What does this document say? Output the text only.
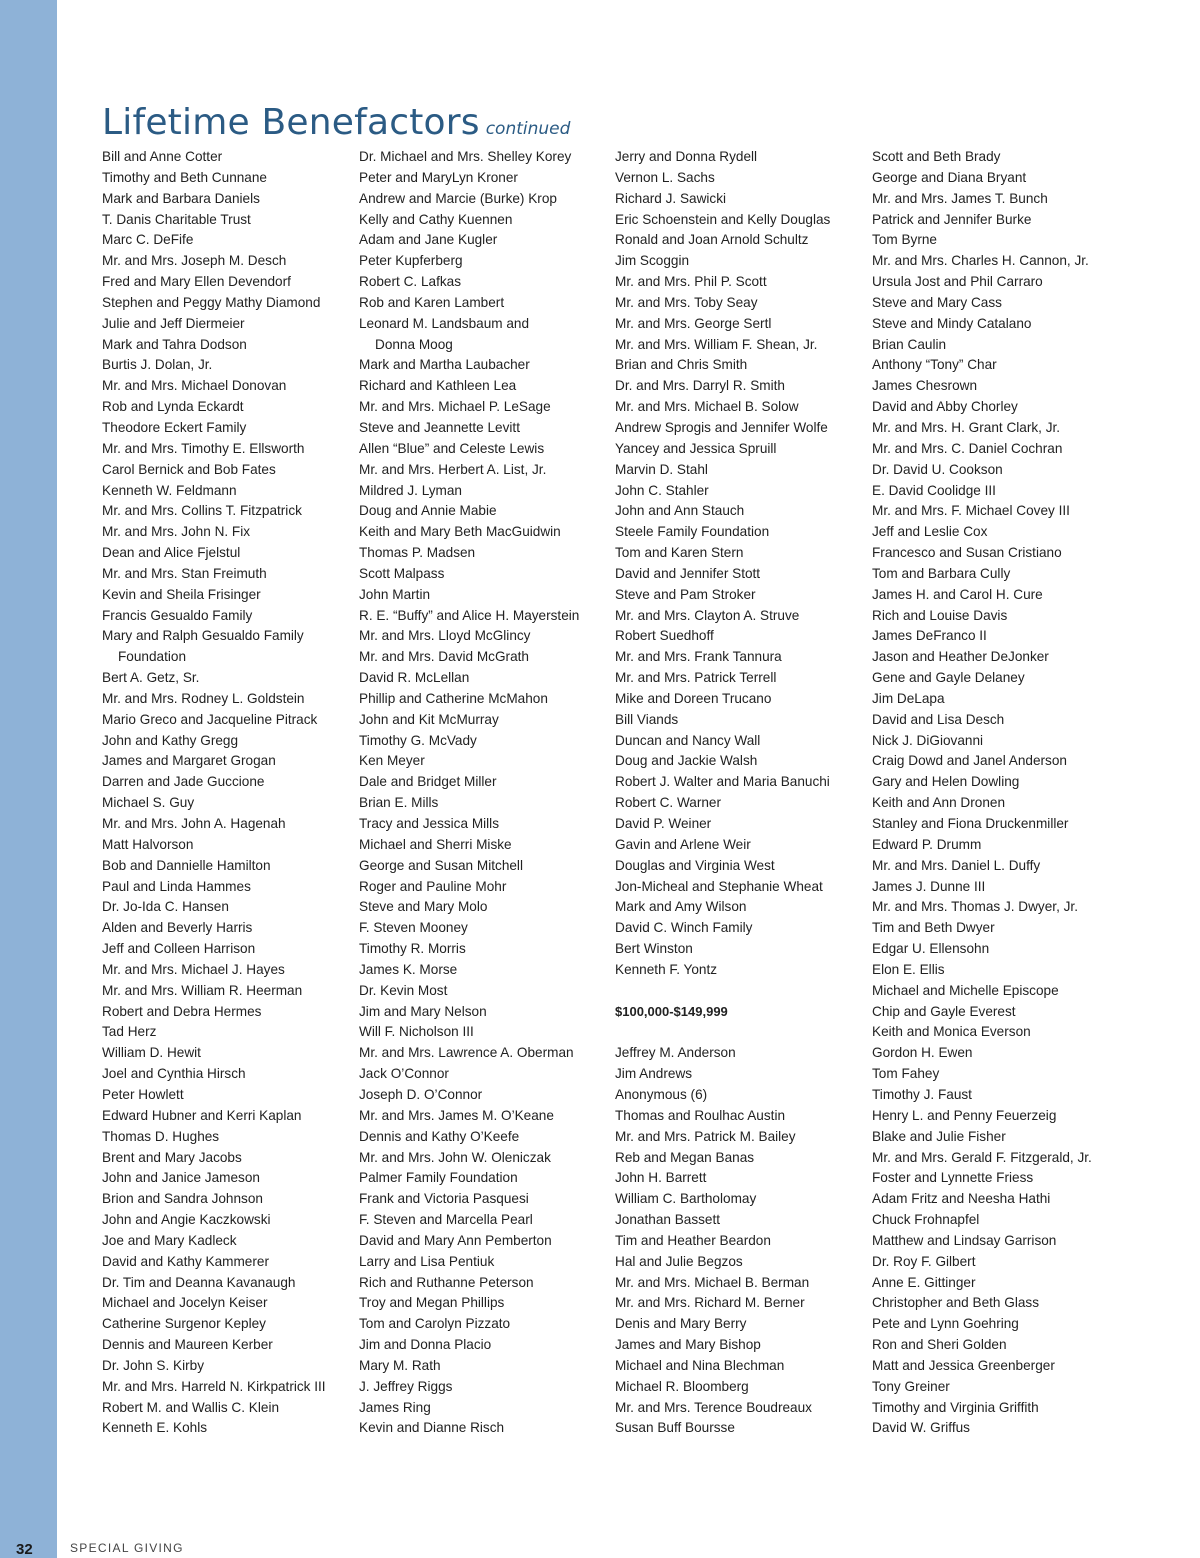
Lifetime Benefactors continued
Bill and Anne Cotter
Timothy and Beth Cunnane
Mark and Barbara Daniels
T. Danis Charitable Trust
Marc C. DeFife
Mr. and Mrs. Joseph M. Desch
Fred and Mary Ellen Devendorf
Stephen and Peggy Mathy Diamond
Julie and Jeff Diermeier
Mark and Tahra Dodson
Burtis J. Dolan, Jr.
Mr. and Mrs. Michael Donovan
Rob and Lynda Eckardt
Theodore Eckert Family
Mr. and Mrs. Timothy E. Ellsworth
Carol Bernick and Bob Fates
Kenneth W. Feldmann
Mr. and Mrs. Collins T. Fitzpatrick
Mr. and Mrs. John N. Fix
Dean and Alice Fjelstul
Mr. and Mrs. Stan Freimuth
Kevin and Sheila Frisinger
Francis Gesualdo Family
Mary and Ralph Gesualdo Family
Foundation
Bert A. Getz, Sr.
Mr. and Mrs. Rodney L. Goldstein
Mario Greco and Jacqueline Pitrack
John and Kathy Gregg
James and Margaret Grogan
Darren and Jade Guccione
Michael S. Guy
Mr. and Mrs. John A. Hagenah
Matt Halvorson
Bob and Dannielle Hamilton
Paul and Linda Hammes
Dr. Jo-Ida C. Hansen
Alden and Beverly Harris
Jeff and Colleen Harrison
Mr. and Mrs. Michael J. Hayes
Mr. and Mrs. William R. Heerman
Robert and Debra Hermes
Tad Herz
William D. Hewit
Joel and Cynthia Hirsch
Peter Howlett
Edward Hubner and Kerri Kaplan
Thomas D. Hughes
Brent and Mary Jacobs
John and Janice Jameson
Brion and Sandra Johnson
John and Angie Kaczkowski
Joe and Mary Kadleck
David and Kathy Kammerer
Dr. Tim and Deanna Kavanaugh
Michael and Jocelyn Keiser
Catherine Surgenor Kepley
Dennis and Maureen Kerber
Dr. John S. Kirby
Mr. and Mrs. Harreld N. Kirkpatrick III
Robert M. and Wallis C. Klein
Kenneth E. Kohls
Dr. Michael and Mrs. Shelley Korey
Peter and MaryLyn Kroner
Andrew and Marcie (Burke) Krop
Kelly and Cathy Kuennen
Adam and Jane Kugler
Peter Kupferberg
Robert C. Lafkas
Rob and Karen Lambert
Leonard M. Landsbaum and
Donna Moog
Mark and Martha Laubacher
Richard and Kathleen Lea
Mr. and Mrs. Michael P. LeSage
Steve and Jeannette Levitt
Allen “Blue” and Celeste Lewis
Mr. and Mrs. Herbert A. List, Jr.
Mildred J. Lyman
Doug and Annie Mabie
Keith and Mary Beth MacGuidwin
Thomas P. Madsen
Scott Malpass
John Martin
R. E. “Buffy” and Alice H. Mayerstein
Mr. and Mrs. Lloyd McGlincy
Mr. and Mrs. David McGrath
David R. McLellan
Phillip and Catherine McMahon
John and Kit McMurray
Timothy G. McVady
Ken Meyer
Dale and Bridget Miller
Brian E. Mills
Tracy and Jessica Mills
Michael and Sherri Miske
George and Susan Mitchell
Roger and Pauline Mohr
Steve and Mary Molo
F. Steven Mooney
Timothy R. Morris
James K. Morse
Dr. Kevin Most
Jim and Mary Nelson
Will F. Nicholson III
Mr. and Mrs. Lawrence A. Oberman
Jack O’Connor
Joseph D. O’Connor
Mr. and Mrs. James M. O’Keane
Dennis and Kathy O’Keefe
Mr. and Mrs. John W. Oleniczak
Palmer Family Foundation
Frank and Victoria Pasquesi
F. Steven and Marcella Pearl
David and Mary Ann Pemberton
Larry and Lisa Pentiuk
Rich and Ruthanne Peterson
Troy and Megan Phillips
Tom and Carolyn Pizzato
Jim and Donna Placio
Mary M. Rath
J. Jeffrey Riggs
James Ring
Kevin and Dianne Risch
Jerry and Donna Rydell
Vernon L. Sachs
Richard J. Sawicki
Eric Schoenstein and Kelly Douglas
Ronald and Joan Arnold Schultz
Jim Scoggin
Mr. and Mrs. Phil P. Scott
Mr. and Mrs. Toby Seay
Mr. and Mrs. George Sertl
Mr. and Mrs. William F. Shean, Jr.
Brian and Chris Smith
Dr. and Mrs. Darryl R. Smith
Mr. and Mrs. Michael B. Solow
Andrew Sprogis and Jennifer Wolfe
Yancey and Jessica Spruill
Marvin D. Stahl
John C. Stahler
John and Ann Stauch
Steele Family Foundation
Tom and Karen Stern
David and Jennifer Stott
Steve and Pam Stroker
Mr. and Mrs. Clayton A. Struve
Robert Suedhoff
Mr. and Mrs. Frank Tannura
Mr. and Mrs. Patrick Terrell
Mike and Doreen Trucano
Bill Viands
Duncan and Nancy Wall
Doug and Jackie Walsh
Robert J. Walter and Maria Banuchi
Robert C. Warner
David P. Weiner
Gavin and Arlene Weir
Douglas and Virginia West
Jon-Micheal and Stephanie Wheat
Mark and Amy Wilson
David C. Winch Family
Bert Winston
Kenneth F. Yontz
$100,000-$149,999
Jeffrey M. Anderson
Jim Andrews
Anonymous (6)
Thomas and Roulhac Austin
Mr. and Mrs. Patrick M. Bailey
Reb and Megan Banas
John H. Barrett
William C. Bartholomay
Jonathan Bassett
Tim and Heather Beardon
Hal and Julie Begzos
Mr. and Mrs. Michael B. Berman
Mr. and Mrs. Richard M. Berner
Denis and Mary Berry
James and Mary Bishop
Michael and Nina Blechman
Michael R. Bloomberg
Mr. and Mrs. Terence Boudreaux
Susan Buff Boursse
Scott and Beth Brady
George and Diana Bryant
Mr. and Mrs. James T. Bunch
Patrick and Jennifer Burke
Tom Byrne
Mr. and Mrs. Charles H. Cannon, Jr.
Ursula Jost and Phil Carraro
Steve and Mary Cass
Steve and Mindy Catalano
Brian Caulin
Anthony “Tony” Char
James Chesrown
David and Abby Chorley
Mr. and Mrs. H. Grant Clark, Jr.
Mr. and Mrs. C. Daniel Cochran
Dr. David U. Cookson
E. David Coolidge III
Mr. and Mrs. F. Michael Covey III
Jeff and Leslie Cox
Francesco and Susan Cristiano
Tom and Barbara Cully
James H. and Carol H. Cure
Rich and Louise Davis
James DeFranco II
Jason and Heather DeJonker
Gene and Gayle Delaney
Jim DeLapa
David and Lisa Desch
Nick J. DiGiovanni
Craig Dowd and Janel Anderson
Gary and Helen Dowling
Keith and Ann Dronen
Stanley and Fiona Druckenmiller
Edward P. Drumm
Mr. and Mrs. Daniel L. Duffy
James J. Dunne III
Mr. and Mrs. Thomas J. Dwyer, Jr.
Tim and Beth Dwyer
Edgar U. Ellensohn
Elon E. Ellis
Michael and Michelle Episcope
Chip and Gayle Everest
Keith and Monica Everson
Gordon H. Ewen
Tom Fahey
Timothy J. Faust
Henry L. and Penny Feuerzeig
Blake and Julie Fisher
Mr. and Mrs. Gerald F. Fitzgerald, Jr.
Foster and Lynnette Friess
Adam Fritz and Neesha Hathi
Chuck Frohnapfel
Matthew and Lindsay Garrison
Dr. Roy F. Gilbert
Anne E. Gittinger
Christopher and Beth Glass
Pete and Lynn Goehring
Ron and Sheri Golden
Matt and Jessica Greenberger
Tony Greiner
Timothy and Virginia Griffith
David W. Griffus
32	SPECIAL GIVING
